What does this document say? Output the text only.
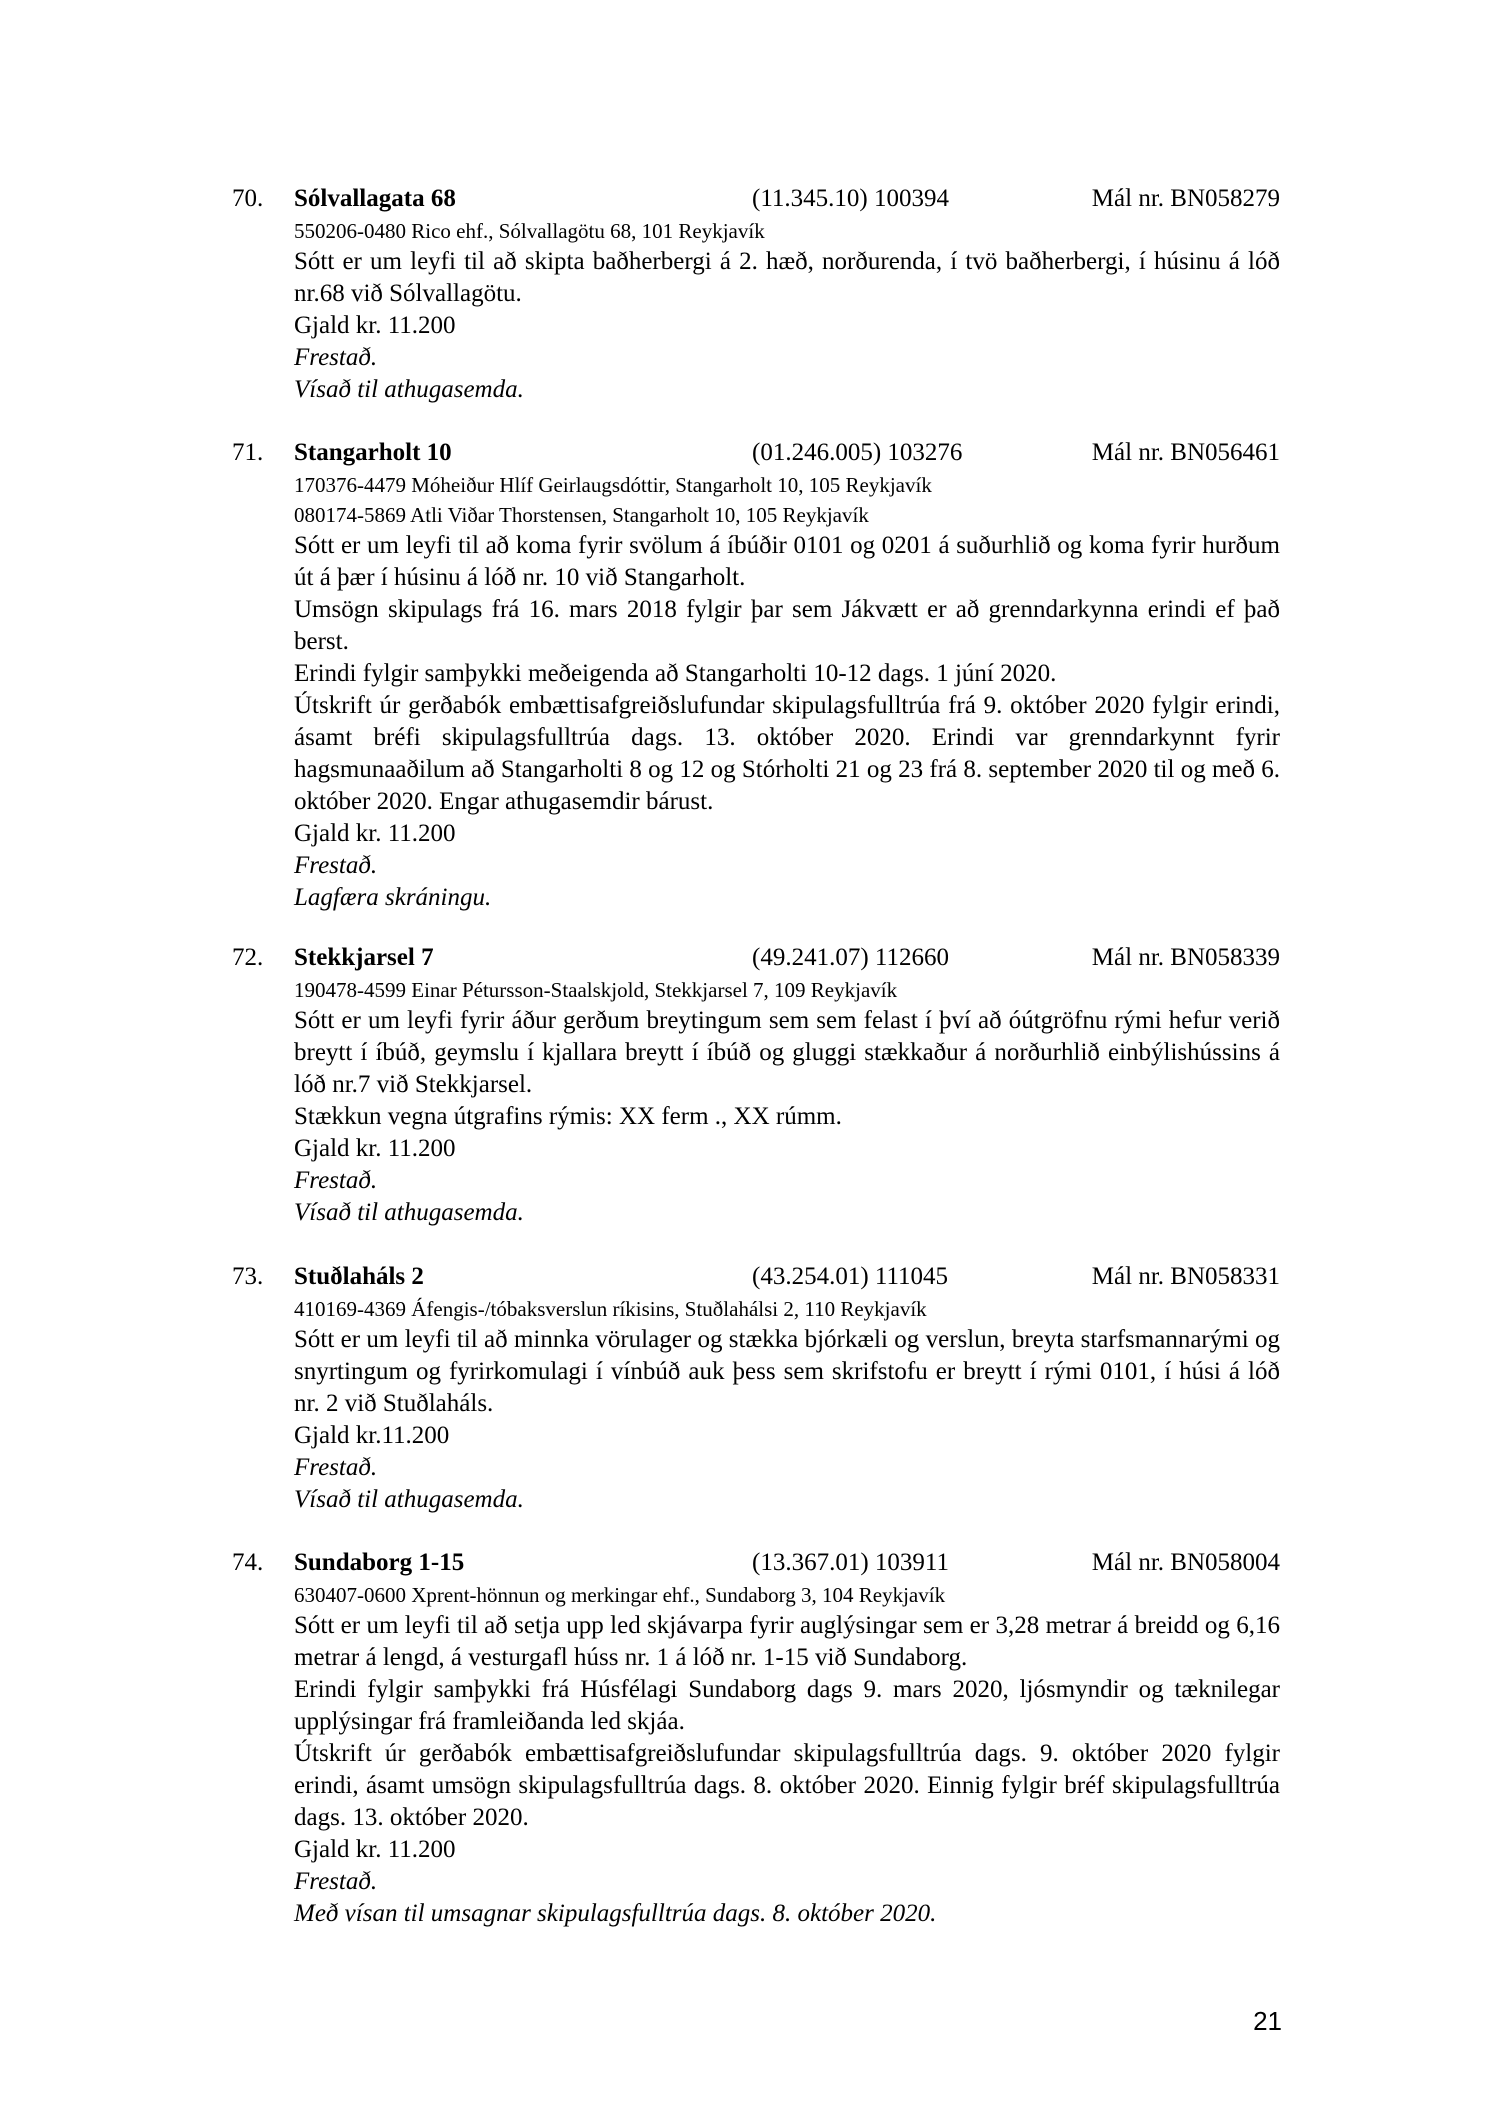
70. Sólvallagata 68	(11.345.10) 100394	Mál nr. BN058279
550206-0480 Rico ehf., Sólvallagötu 68, 101 Reykjavík

Sótt er um leyfi til að skipta baðherbergi á 2. hæð, norðurenda, í tvö baðherbergi, í húsinu á lóð nr.68 við Sólvallagötu.

Gjald kr. 11.200

Frestað.

Vísað til athugasemda.

71. Stangarholt 10	(01.246.005) 103276	Mál nr. BN056461
170376-4479 Móheiður Hlíf Geirlaugsdóttir, Stangarholt 10, 105 Reykjavík
080174-5869 Atli Viðar Thorstensen, Stangarholt 10, 105 Reykjavík

Sótt er um leyfi til að koma fyrir svölum á íbúðir 0101 og 0201 á suðurhlið og koma fyrir hurðum út á þær í húsinu á lóð nr. 10 við Stangarholt.

Umsögn skipulags frá 16. mars 2018 fylgir þar sem Jákvætt er að grenndarkynna erindi ef það berst.

Erindi fylgir samþykki meðeigenda að Stangarholti 10-12 dags. 1 júní 2020.

Útskrift úr gerðabók embættisafgreiðslufundar skipulagsfulltrúa frá 9. október 2020 fylgir erindi, ásamt bréfi skipulagsfulltrúa dags. 13. október 2020. Erindi var grenndarkynnt fyrir hagsmunaaðilum að Stangarholti 8 og 12 og Stórholti 21 og 23 frá 8. september 2020 til og með 6. október 2020. Engar athugasemdir bárust.

Gjald kr. 11.200

Frestað.

Lagfæra skráningu.

72. Stekkjarsel 7	(49.241.07) 112660	Mál nr. BN058339
190478-4599 Einar Pétursson-Staalskjold, Stekkjarsel 7, 109 Reykjavík

Sótt er um leyfi fyrir áður gerðum breytingum sem sem felast í því að óútgröfnu rými hefur verið breytt í íbúð, geymslu í kjallara breytt í íbúð og gluggi stækkaður á norðurhlið einbýlishússins á lóð nr.7 við Stekkjarsel.

Stækkun vegna útgrafins rýmis: XX ferm ., XX rúmm.

Gjald kr. 11.200

Frestað.

Vísað til athugasemda.

73. Stuðlaháls 2	(43.254.01) 111045	Mál nr. BN058331
410169-4369 Áfengis-/tóbaksverslun ríkisins, Stuðlahálsi 2, 110 Reykjavík

Sótt er um leyfi til að minnka vörulager og stækka bjórkæli og verslun, breyta starfsmannarými og snyrtingum og fyrirkomulagi í vínbúð auk þess sem skrifstofu er breytt í rými 0101, í húsi á lóð nr. 2 við Stuðlaháls.

Gjald kr.11.200

Frestað.

Vísað til athugasemda.

74. Sundaborg 1-15	(13.367.01) 103911	Mál nr. BN058004
630407-0600 Xprent-hönnun og merkingar ehf., Sundaborg 3, 104 Reykjavík

Sótt er um leyfi til að setja upp led skjávarpa fyrir auglýsingar sem er 3,28 metrar á breidd og 6,16 metrar á lengd, á vesturgafl húss nr. 1 á lóð nr. 1-15 við Sundaborg.

Erindi fylgir samþykki frá Húsfélagi Sundaborg dags 9. mars 2020, ljósmyndir og tæknilegar upplýsingar frá framleiðanda led skjáa.

Útskrift úr gerðabók embættisafgreiðslufundar skipulagsfulltrúa dags. 9. október 2020 fylgir erindi, ásamt umsögn skipulagsfulltrúa dags. 8. október 2020. Einnig fylgir bréf skipulagsfulltrúa dags. 13. október 2020.

Gjald kr. 11.200

Frestað.

Með vísan til umsagnar skipulagsfulltrúa dags. 8. október 2020.

21
